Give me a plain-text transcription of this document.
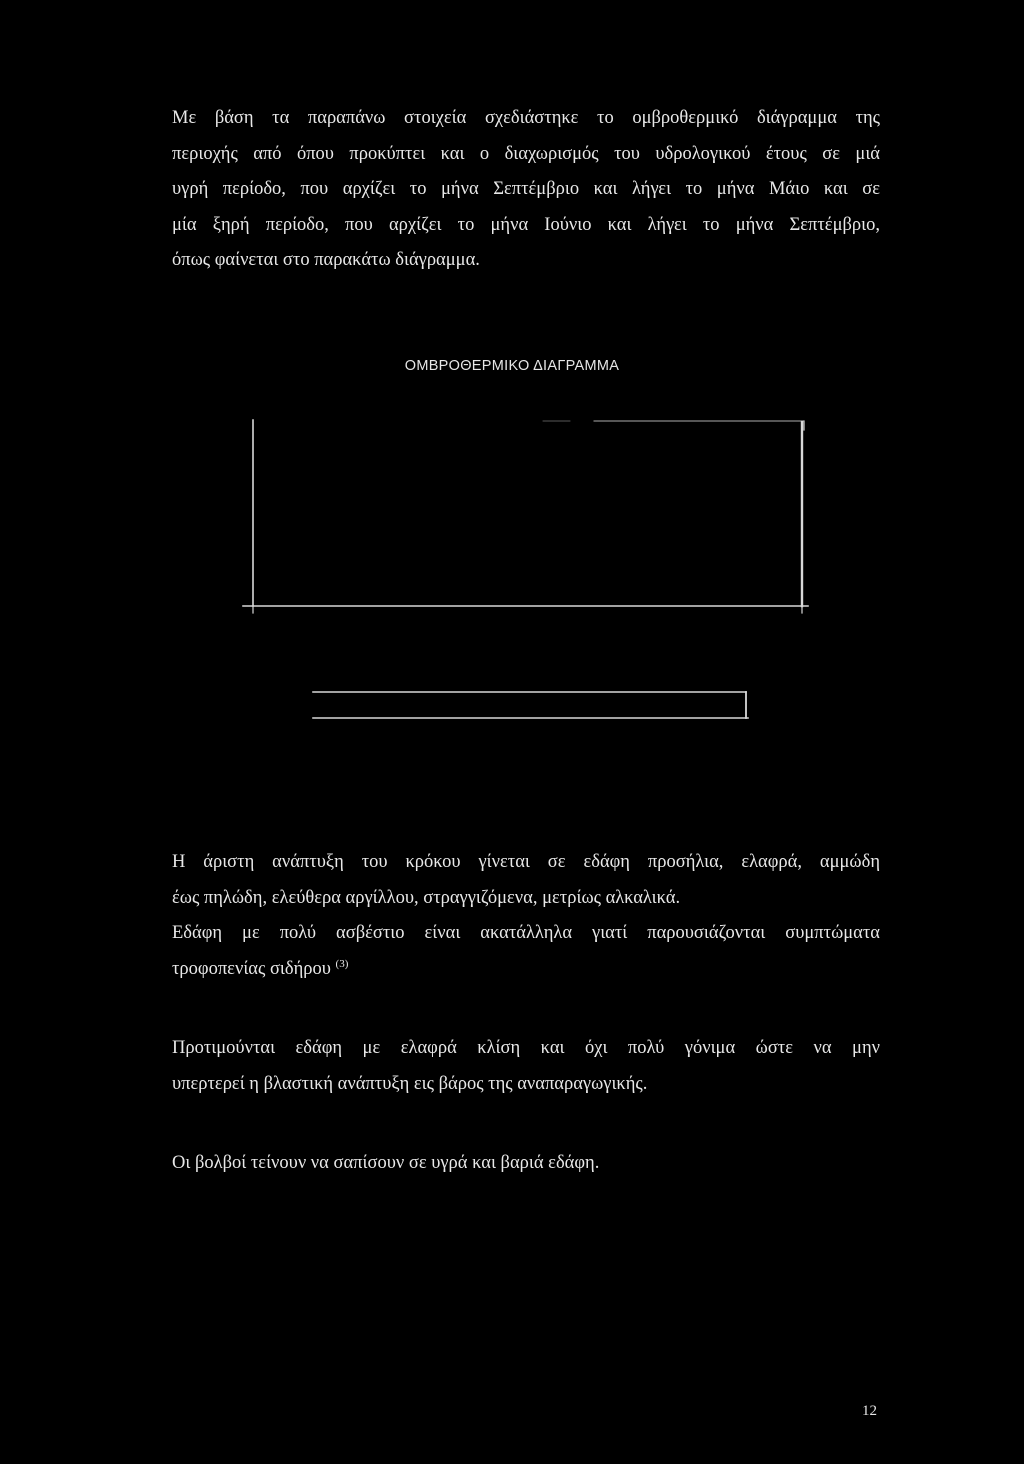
Με βάση τα παραπάνω στοιχεία σχεδιάστηκε το ομβροθερμικό διάγραμμα της
περιοχής από όπου προκύπτει και ο διαχωρισμός του υδρολογικού έτους σε μιά
υγρή περίοδο, που αρχίζει το μήνα Σεπτέμβριο και λήγει το μήνα Μάιο και σε
μία ξηρή περίοδο, που αρχίζει το μήνα Ιούνιο και λήγει το μήνα Σεπτέμβριο,
όπως φαίνεται στο παρακάτω διάγραμμα.

ΟΜΒΡΟΘΕΡΜΙΚΟ ΔΙΑΓΡΑΜΜΑ

Η άριστη ανάπτυξη του κρόκου γίνεται σε εδάφη προσήλια, ελαφρά, αμμώδη
έως πηλώδη, ελεύθερα αργίλλου, στραγγιζόμενα, μετρίως αλκαλικά.
Εδάφη με πολύ ασβέστιο είναι ακατάλληλα γιατί παρουσιάζονται συμπτώματα
τροφοπενίας σιδήρου $^{(3)}$

Προτιμούνται εδάφη με ελαφρά κλίση και όχι πολύ γόνιμα ώστε να μην
υπερτερεί η βλαστική ανάπτυξη εις βάρος της αναπαραγωγικής.

Οι βολβοί τείνουν να σαπίσουν σε υγρά και βαριά εδάφη.

12
